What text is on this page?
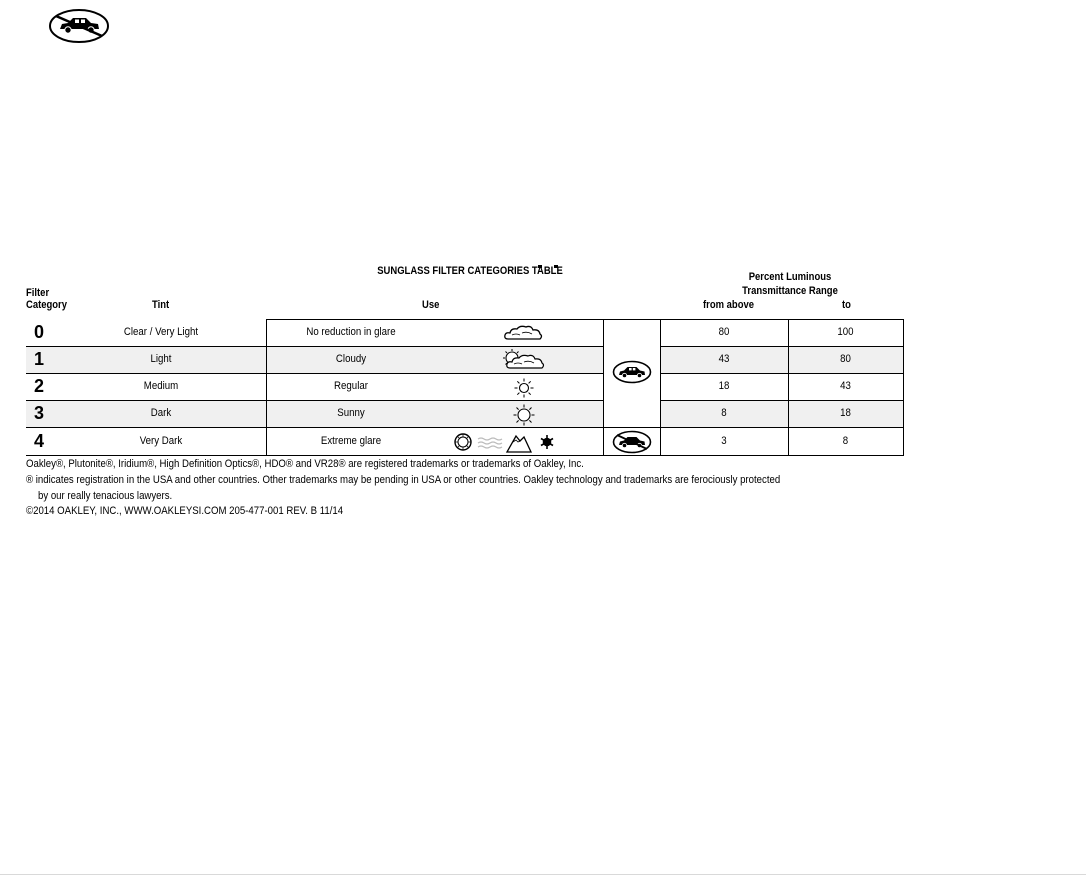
SUNGLASS FILTER CATEGORIES TABLE
Filter
Category	Tint	Use
Percent Luminous
Transmittance Range
from above	to
0	Clear / Very Light	No reduction in glare	80	100
1	Light	Cloudy	43	80
2	Medium	Regular	18	43
3	Dark	Sunny	8	18
4	Very Dark	Extreme glare	3	8
Oakley®, Plutonite®, Iridium®, High Definition Optics®, HDO® and VR28® are registered trademarks or trademarks of Oakley, Inc.
® indicates registration in the USA and other countries. Other trademarks may be pending in USA or other countries. Oakley technology and trademarks are ferociously protected
by our really tenacious lawyers.
©2014 OAKLEY, INC., WWW.OAKLEYSI.COM 205-477-001 REV. B 11/14
